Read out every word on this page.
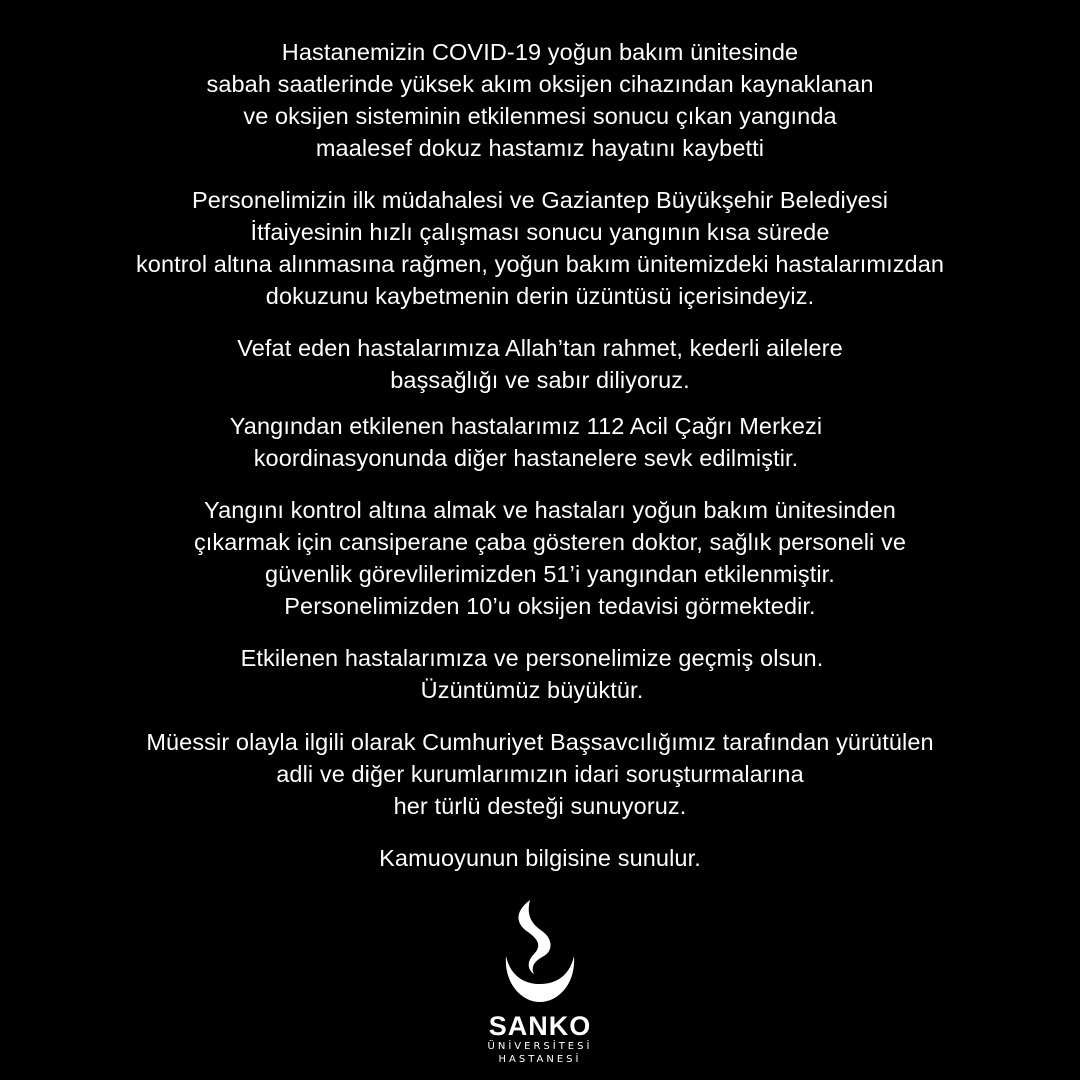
Hastanemizin COVID-19 yoğun bakım ünitesinde
sabah saatlerinde yüksek akım oksijen cihazından kaynaklanan
ve oksijen sisteminin etkilenmesi sonucu çıkan yangında
maalesef dokuz hastamız hayatını kaybetti

Personelimizin ilk müdahalesi ve Gaziantep Büyükşehir Belediyesi
İtfaiyesinin hızlı çalışması sonucu yangının kısa sürede
kontrol altına alınmasına rağmen, yoğun bakım ünitemizdeki hastalarımızdan
dokuzunu kaybetmenin derin üzüntüsü içerisindeyiz.

Vefat eden hastalarımıza Allah’tan rahmet, kederli ailelere
başsağlığı ve sabır diliyoruz.

Yangından etkilenen hastalarımız 112 Acil Çağrı Merkezi
koordinasyonunda diğer hastanelere sevk edilmiştir.

Yangını kontrol altına almak ve hastaları yoğun bakım ünitesinden
çıkarmak için cansiperane çaba gösteren doktor, sağlık personeli ve
güvenlik görevlilerimizden 51’i yangından etkilenmiştir.
Personelimizden 10’u oksijen tedavisi görmektedir.

Etkilenen hastalarımıza ve personelimize geçmiş olsun.
Üzüntümüz büyüktür.

Müessir olayla ilgili olarak Cumhuriyet Başsavcılığımız tarafından yürütülen
adli ve diğer kurumlarımızın idari soruşturmalarına
her türlü desteği sunuyoruz.

Kamuoyunun bilgisine sunulur.

SANKO
ÜNİVERSİTESİ
HASTANESİ
